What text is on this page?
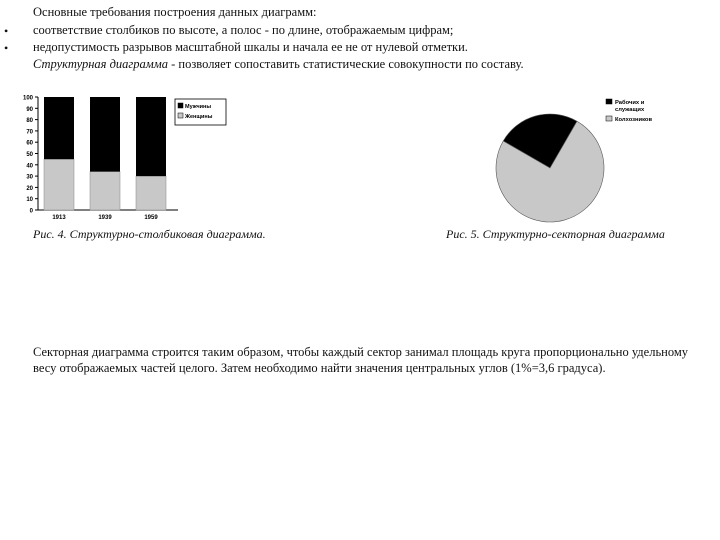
Основные требования построения данных диаграмм:
• соответствие столбиков по высоте, а полос - по длине, отображаемым цифрам;
• недопустимость разрывов масштабной шкалы и начала ее не от нулевой отметки.
Структурная диаграмма - позволяет сопоставить статистические совокупности по составу.
0
10
20
30
40
50
60
70
80
90
100
1913	1939	1959
Мужчины
Женщины
Рабочих и
служащих
Колхозников
Рис. 4. Структурно-столбиковая диаграмма.	Рис. 5. Структурно-секторная диаграмма
Секторная диаграмма строится таким образом, чтобы каждый сектор занимал площадь круга пропорционально удельному весу отображаемых частей целого. Затем необходимо найти значения центральных углов (1%=3,6 градуса).
